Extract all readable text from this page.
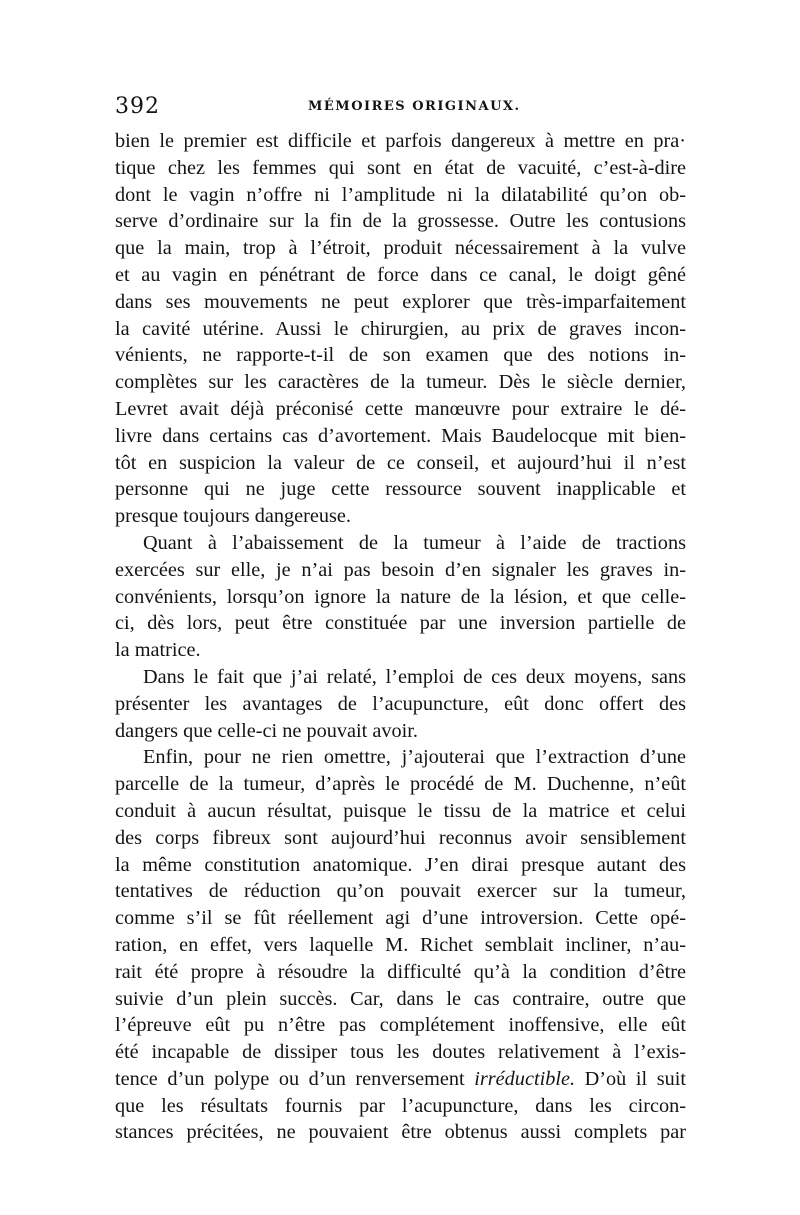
392	MÉMOIRES ORIGINAUX.
bien le premier est difficile et parfois dangereux à mettre en pra·
tique chez les femmes qui sont en état de vacuité, c’est-à-dire
dont le vagin n’offre ni l’amplitude ni la dilatabilité qu’on ob-
serve d’ordinaire sur la fin de la grossesse. Outre les contusions
que la main, trop à l’étroit, produit nécessairement à la vulve
et au vagin en pénétrant de force dans ce canal, le doigt gêné
dans ses mouvements ne peut explorer que très-imparfaitement
la cavité utérine. Aussi le chirurgien, au prix de graves incon-
vénients, ne rapporte-t-il de son examen que des notions in-
complètes sur les caractères de la tumeur. Dès le siècle dernier,
Levret avait déjà préconisé cette manœuvre pour extraire le dé-
livre dans certains cas d’avortement. Mais Baudelocque mit bien-
tôt en suspicion la valeur de ce conseil, et aujourd’hui il n’est
personne qui ne juge cette ressource souvent inapplicable et
presque toujours dangereuse.
Quant à l’abaissement de la tumeur à l’aide de tractions
exercées sur elle, je n’ai pas besoin d’en signaler les graves in-
convénients, lorsqu’on ignore la nature de la lésion, et que celle-
ci, dès lors, peut être constituée par une inversion partielle de
la matrice.
Dans le fait que j’ai relaté, l’emploi de ces deux moyens, sans
présenter les avantages de l’acupuncture, eût donc offert des
dangers que celle-ci ne pouvait avoir.
Enfin, pour ne rien omettre, j’ajouterai que l’extraction d’une
parcelle de la tumeur, d’après le procédé de M. Duchenne, n’eût
conduit à aucun résultat, puisque le tissu de la matrice et celui
des corps fibreux sont aujourd’hui reconnus avoir sensiblement
la même constitution anatomique. J’en dirai presque autant des
tentatives de réduction qu’on pouvait exercer sur la tumeur,
comme s’il se fût réellement agi d’une introversion. Cette opé-
ration, en effet, vers laquelle M. Richet semblait incliner, n’au-
rait été propre à résoudre la difficulté qu’à la condition d’être
suivie d’un plein succès. Car, dans le cas contraire, outre que
l’épreuve eût pu n’être pas complétement inoffensive, elle eût
été incapable de dissiper tous les doutes relativement à l’exis-
tence d’un polype ou d’un renversement irréductible. D’où il suit
que les résultats fournis par l’acupuncture, dans les circon-
stances précitées, ne pouvaient être obtenus aussi complets par
